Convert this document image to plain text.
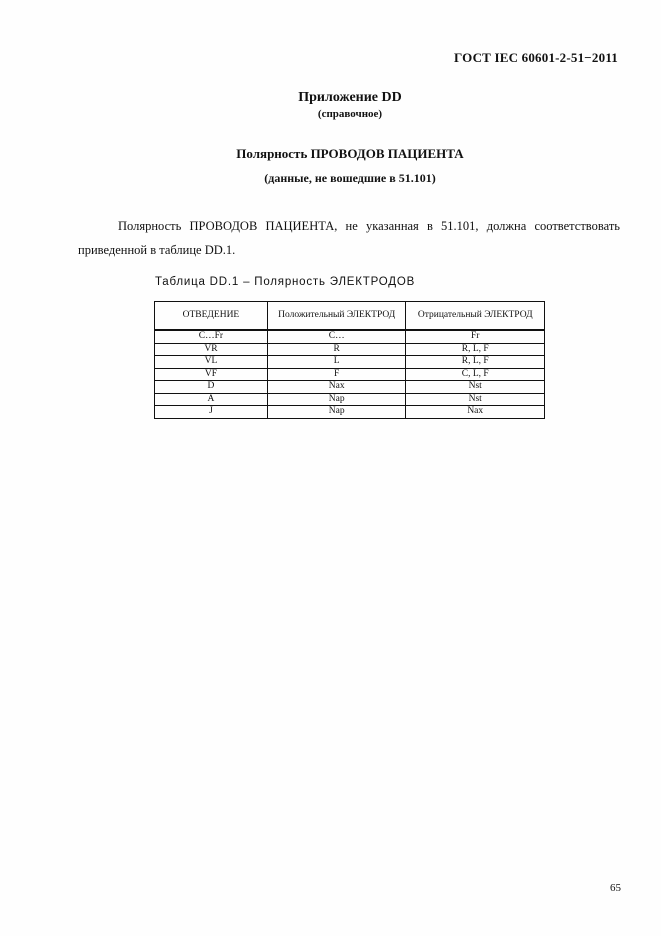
ГОСТ IEC 60601-2-51−2011
Приложение DD
(справочное)
Полярность ПРОВОДОВ ПАЦИЕНТА
(данные, не вошедшие в 51.101)
Полярность ПРОВОДОВ ПАЦИЕНТА, не указанная в 51.101, должна соответствовать
приведенной в таблице DD.1.
Таблица DD.1 – Полярность ЭЛЕКТРОДОВ
ОТВЕДЕНИЕ	Положительный ЭЛЕКТРОД	Отрицательный ЭЛЕКТРОД
C…Fr	C…	Fr
VR	R	R, L, F
VL	L	R, L, F
VF	F	C, L, F
D	Nax	Nst
A	Nap	Nst
J	Nap	Nax
65
